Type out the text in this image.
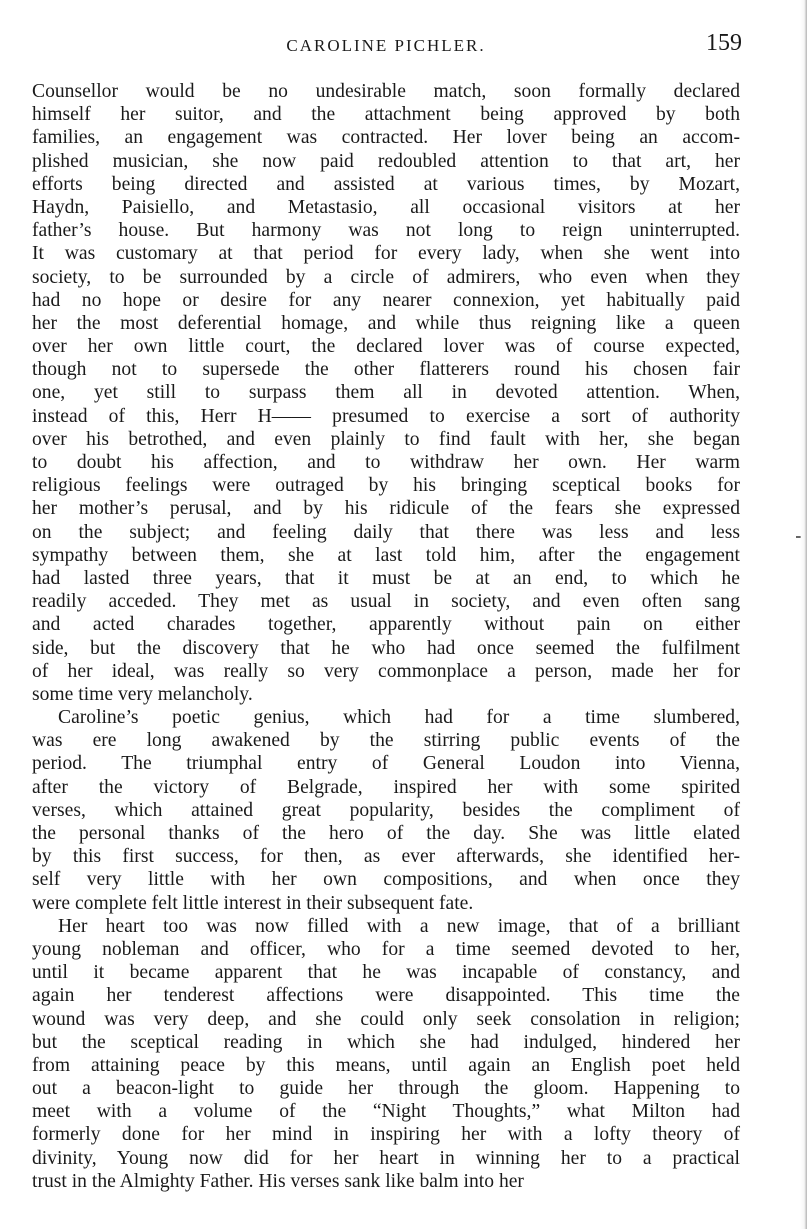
CAROLINE PICHLER.	159
Counsellor would be no undesirable match, soon formally declared
himself her suitor, and the attachment being approved by both
families, an engagement was contracted. Her lover being an accom-
plished musician, she now paid redoubled attention to that art, her
efforts being directed and assisted at various times, by Mozart,
Haydn, Paisiello, and Metastasio, all occasional visitors at her
father’s house. But harmony was not long to reign uninterrupted.
It was customary at that period for every lady, when she went into
society, to be surrounded by a circle of admirers, who even when they
had no hope or desire for any nearer connexion, yet habitually paid
her the most deferential homage, and while thus reigning like a queen
over her own little court, the declared lover was of course expected,
though not to supersede the other flatterers round his chosen fair
one, yet still to surpass them all in devoted attention. When,
instead of this, Herr H—— presumed to exercise a sort of authority
over his betrothed, and even plainly to find fault with her, she began
to doubt his affection, and to withdraw her own. Her warm
religious feelings were outraged by his bringing sceptical books for
her mother’s perusal, and by his ridicule of the fears she expressed
on the subject; and feeling daily that there was less and less
sympathy between them, she at last told him, after the engagement
had lasted three years, that it must be at an end, to which he
readily acceded. They met as usual in society, and even often sang
and acted charades together, apparently without pain on either
side, but the discovery that he who had once seemed the fulfilment
of her ideal, was really so very commonplace a person, made her for
some time very melancholy.
Caroline’s poetic genius, which had for a time slumbered,
was ere long awakened by the stirring public events of the
period. The triumphal entry of General Loudon into Vienna,
after the victory of Belgrade, inspired her with some spirited
verses, which attained great popularity, besides the compliment of
the personal thanks of the hero of the day. She was little elated
by this first success, for then, as ever afterwards, she identified her-
self very little with her own compositions, and when once they
were complete felt little interest in their subsequent fate.
Her heart too was now filled with a new image, that of a brilliant
young nobleman and officer, who for a time seemed devoted to her,
until it became apparent that he was incapable of constancy, and
again her tenderest affections were disappointed. This time the
wound was very deep, and she could only seek consolation in religion;
but the sceptical reading in which she had indulged, hindered her
from attaining peace by this means, until again an English poet held
out a beacon-light to guide her through the gloom. Happening to
meet with a volume of the “Night Thoughts,” what Milton had
formerly done for her mind in inspiring her with a lofty theory of
divinity, Young now did for her heart in winning her to a practical
trust in the Almighty Father. His verses sank like balm into her
